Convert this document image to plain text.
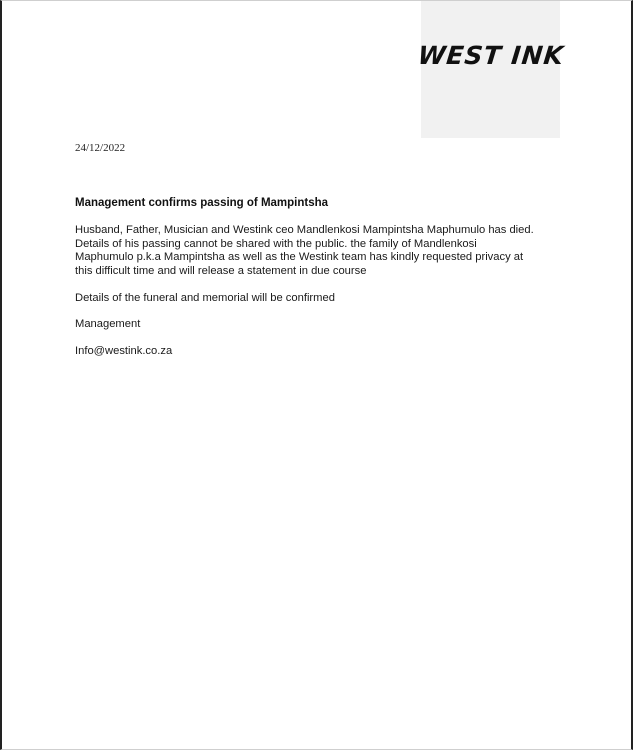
WEST INK
24/12/2022
Management confirms passing of Mampintsha
Husband, Father, Musician and Westink ceo Mandlenkosi Mampintsha Maphumulo has died.
Details of his passing cannot be shared with the public. the family of Mandlenkosi
Maphumulo p.k.a Mampintsha as well as the Westink team has kindly requested privacy at
this difficult time and will release a statement in due course
Details of the funeral and memorial will be confirmed
Management
Info@westink.co.za
